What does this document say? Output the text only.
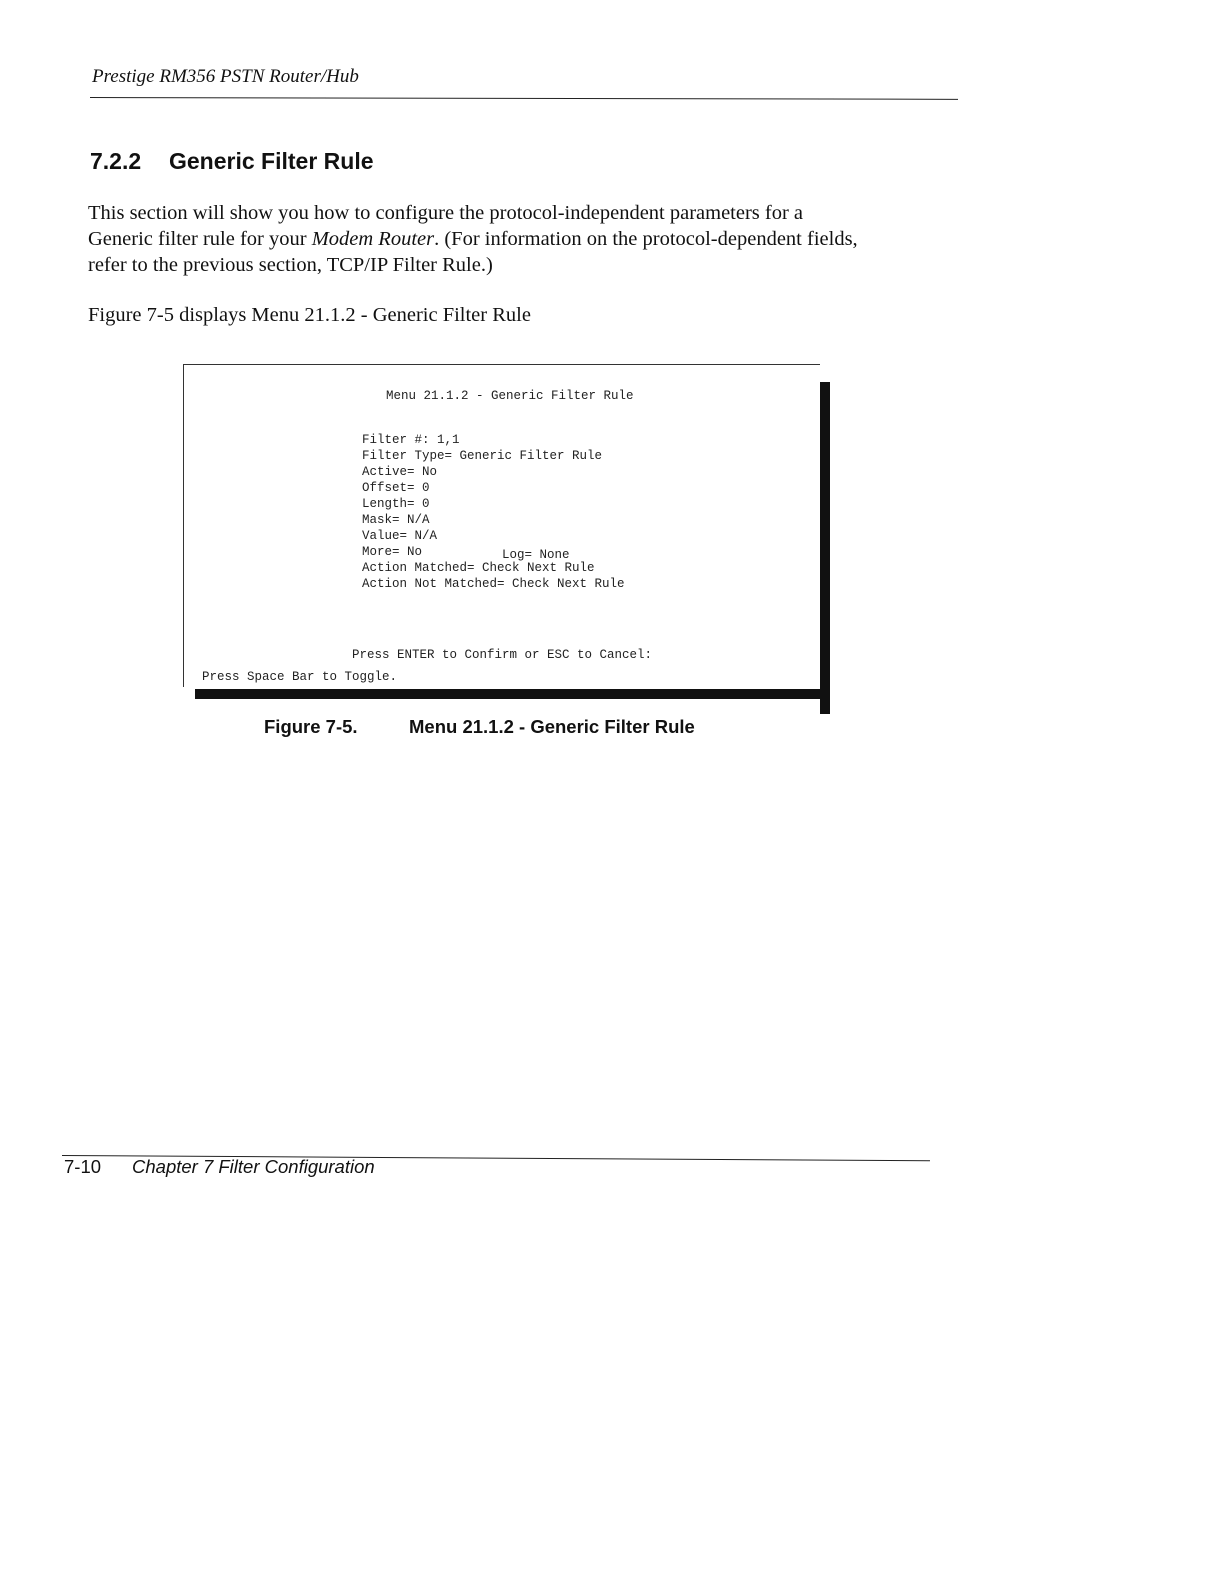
Prestige RM356 PSTN Router/Hub
7.2.2 Generic Filter Rule

This section will show you how to configure the protocol-independent parameters for a

Generic filter rule for your Modem Router. (For information on the protocol-dependent fields,

refer to the previous section, TCP/IP Filter Rule.)

Figure 7-5 displays Menu 21.1.2 - Generic Filter Rule
Menu 21.1.2 - Generic Filter Rule
Filter #: 1,1
Filter Type= Generic Filter Rule
Active= No
Offset= 0
Length= 0
Mask= N/A
Value= N/A
More= No	Log= None
Action Matched= Check Next Rule
Action Not Matched= Check Next Rule
Press ENTER to Confirm or ESC to Cancel:
Press Space Bar to Toggle.
Figure 7-5.	Menu 21.1.2 - Generic Filter Rule
7-10 Chapter 7 Filter Configuration
